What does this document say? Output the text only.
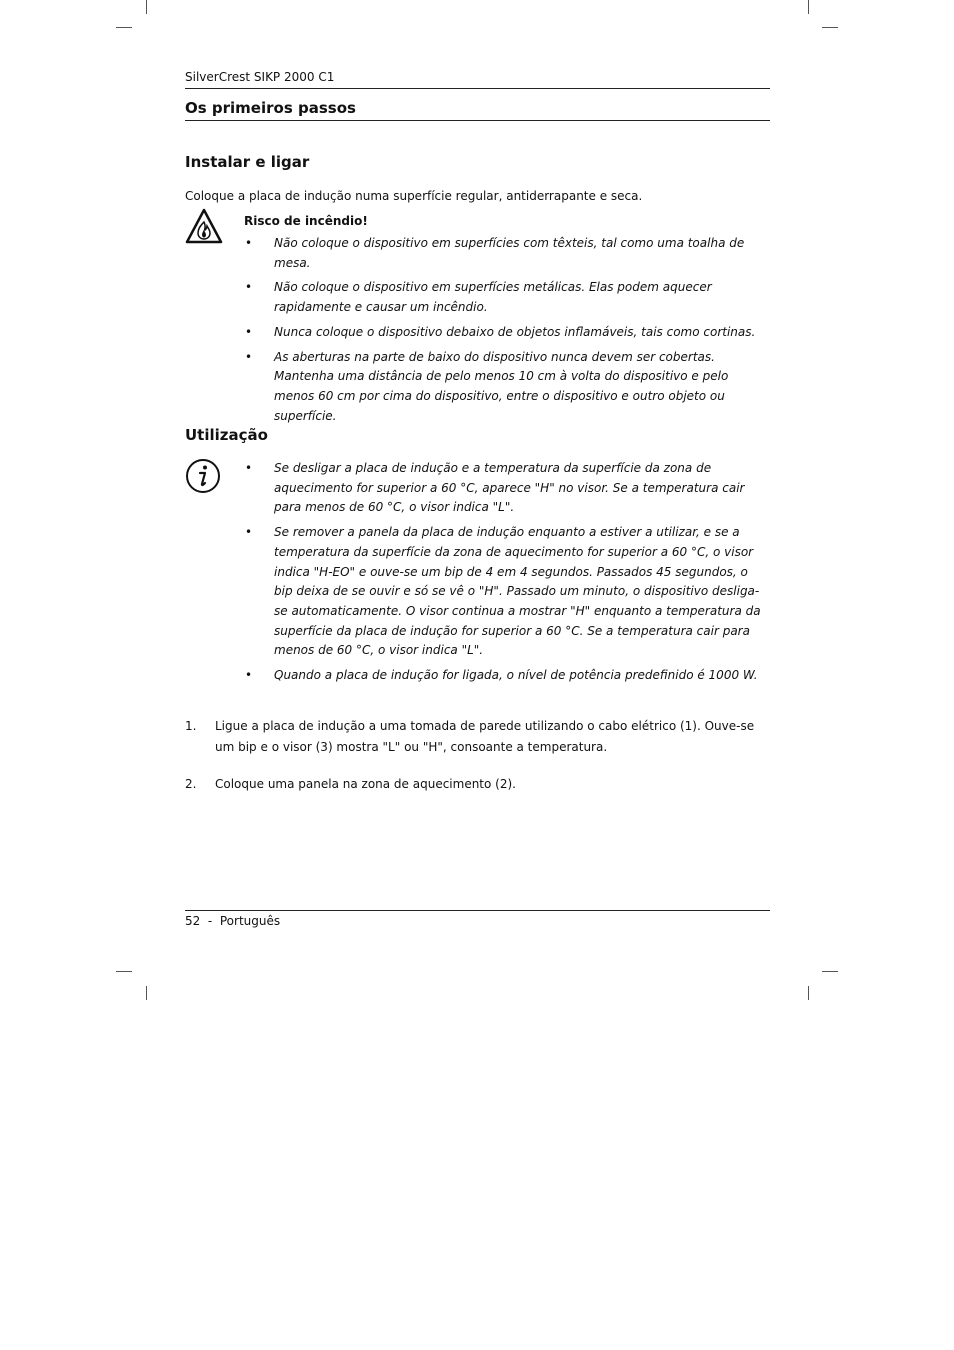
SilverCrest SIKP 2000 C1
Os primeiros passos
Instalar e ligar
Coloque a placa de indução numa superfície regular, antiderrapante e seca.
Risco de incêndio!
• Não coloque o dispositivo em superfícies com têxteis, tal como uma toalha de mesa.
• Não coloque o dispositivo em superfícies metálicas. Elas podem aquecer rapidamente e causar um incêndio.
• Nunca coloque o dispositivo debaixo de objetos inflamáveis, tais como cortinas.
• As aberturas na parte de baixo do dispositivo nunca devem ser cobertas. Mantenha uma distância de pelo menos 10 cm à volta do dispositivo e pelo menos 60 cm por cima do dispositivo, entre o dispositivo e outro objeto ou superfície.
Utilização
• Se desligar a placa de indução e a temperatura da superfície da zona de aquecimento for superior a 60 °C, aparece "H" no visor. Se a temperatura cair para menos de 60 °C, o visor indica "L".
• Se remover a panela da placa de indução enquanto a estiver a utilizar, e se a temperatura da superfície da zona de aquecimento for superior a 60 °C, o visor indica "H-EO" e ouve-se um bip de 4 em 4 segundos. Passados 45 segundos, o bip deixa de se ouvir e só se vê o "H". Passado um minuto, o dispositivo desliga-se automaticamente. O visor continua a mostrar "H" enquanto a temperatura da superfície da placa de indução for superior a 60 °C. Se a temperatura cair para menos de 60 °C, o visor indica "L".
• Quando a placa de indução for ligada, o nível de potência predefinido é 1000 W.
1. Ligue a placa de indução a uma tomada de parede utilizando o cabo elétrico (1). Ouve-se um bip e o visor (3) mostra "L" ou "H", consoante a temperatura.
2. Coloque uma panela na zona de aquecimento (2).
52  -  Português
